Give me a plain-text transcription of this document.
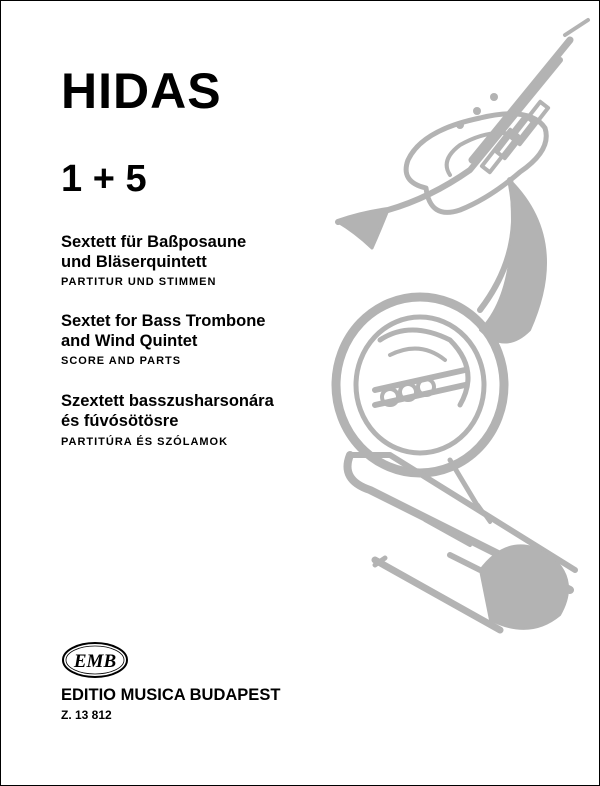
HIDAS
1 + 5
Sextett für Baßposaune
und Bläserquintett
PARTITUR UND STIMMEN
Sextet for Bass Trombone
and Wind Quintet
SCORE AND PARTS
Szextett basszusharsonára
és fúvósötösre
PARTITÚRA ÉS SZÓLAMOK
EMB
EDITIO MUSICA BUDAPEST
Z. 13 812
